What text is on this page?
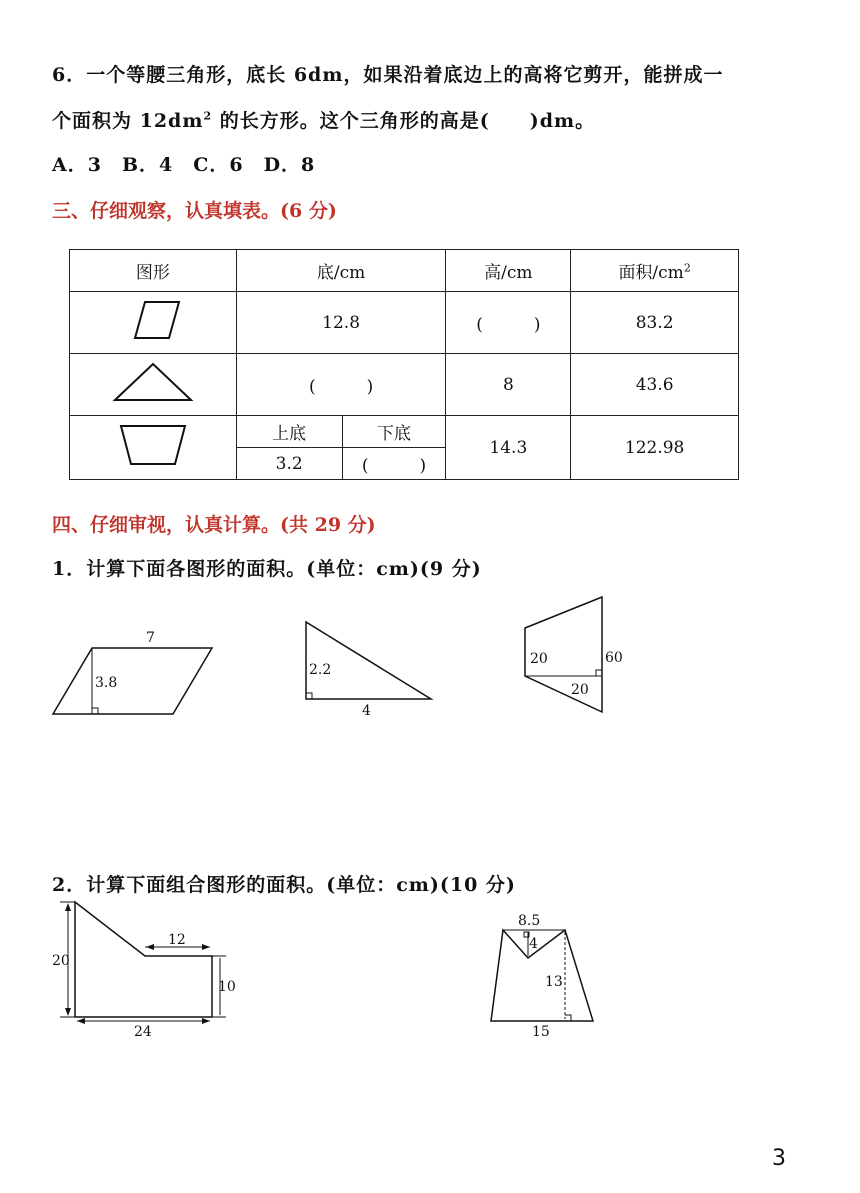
6．一个等腰三角形，底长 6dm，如果沿着底边上的高将它剪开，能拼成一
个面积为 $12dm^2$ 的长方形。这个三角形的高是(　　)dm。
A．3　B．4　C．6　D．8
三、仔细观察，认真填表。(6 分)
图形	底/cm		高/cm	面积$/cm^2$
	12.8		(　　　)	83.2
	(　　　)		8	43.6
	上底	下底	14.3	122.98
	3.2	(　　　)		
四、仔细审视，认真计算。(共 29 分)
1．计算下面各图形的面积。(单位：cm)(9 分)
7
3.8
2.2
4
20	60
20
2．计算下面组合图形的面积。(单位：cm)(10 分)
20
12
10
24
8.5
4
13
15
3
